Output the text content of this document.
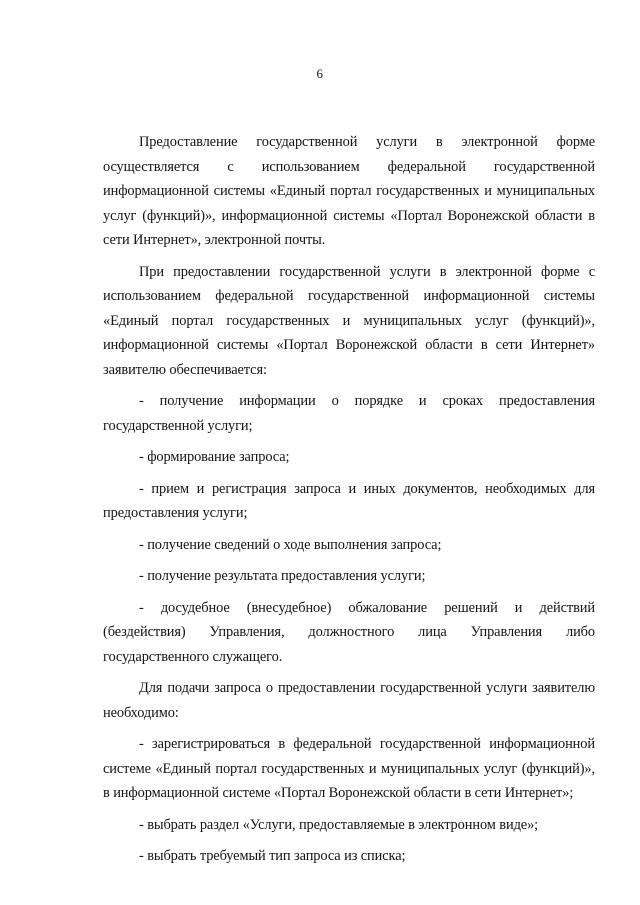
6

Предоставление государственной услуги в электронной форме осуществляется с использованием федеральной государственной информационной системы «Единый портал государственных и муниципальных услуг (функций)», информационной системы «Портал Воронежской области в сети Интернет», электронной почты.

При предоставлении государственной услуги в электронной форме с использованием федеральной государственной информационной системы «Единый портал государственных и муниципальных услуг (функций)», информационной системы «Портал Воронежской области в сети Интернет» заявителю обеспечивается:

- получение информации о порядке и сроках предоставления государственной услуги;

- формирование запроса;

- прием и регистрация запроса и иных документов, необходимых для предоставления услуги;

- получение сведений о ходе выполнения запроса;

- получение результата предоставления услуги;

- досудебное (внесудебное) обжалование решений и действий (бездействия) Управления, должностного лица Управления либо государственного служащего.

Для подачи запроса о предоставлении государственной услуги заявителю необходимо:

- зарегистрироваться в федеральной государственной информационной системе «Единый портал государственных и муниципальных услуг (функций)», в информационной системе «Портал Воронежской области в сети Интернет»;

- выбрать раздел «Услуги, предоставляемые в электронном виде»;

- выбрать требуемый тип запроса из списка;
